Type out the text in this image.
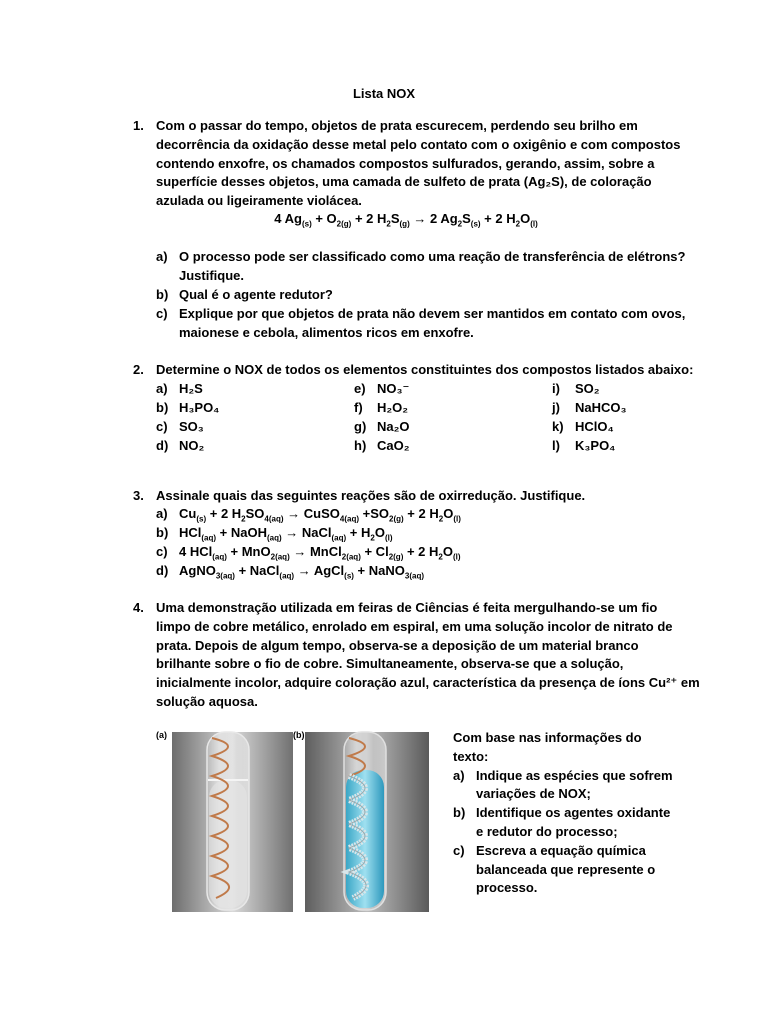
Lista NOX
1. Com o passar do tempo, objetos de prata escurecem, perdendo seu brilho em
decorrência da oxidação desse metal pelo contato com o oxigênio e com compostos
contendo enxofre, os chamados compostos sulfurados, gerando, assim, sobre a
superfície desses objetos, uma camada de sulfeto de prata (Ag₂S), de coloração
azulada ou ligeiramente violácea.
4 $Ag_{(s)} + O_{2(g)} + 2$ $H_2S_{(g)} \to 2$ $Ag_2S_{(s)} + 2$ $H_2O_{(l)}$
a) O processo pode ser classificado como uma reação de transferência de elétrons?
Justifique.
b) Qual é o agente redutor?
c) Explique por que objetos de prata não devem ser mantidos em contato com ovos,
maionese e cebola, alimentos ricos em enxofre.
2. Determine o NOX de todos os elementos constituintes dos compostos listados abaixo:
a) H₂S
b) H₃PO₄
c) SO₃
d) NO₂
e) NO₃⁻
f) H₂O₂
g) Na₂O
h) CaO₂
i) SO₂
j) NaHCO₃
k) HClO₄
l) K₃PO₄
3. Assinale quais das seguintes reações são de oxirredução. Justifique.
a) $Cu_{(s)} + 2$ $H_2SO_{4(aq)}$ → CuSO$_{4(aq)}$ $+SO_{2(g)} + 2$ $H_2O_{(l)}$
b) HCl$_{(aq)}$ + NaOH$_{(aq)}$ → NaCl$_{(aq)}$ + $H_2O_{(l)}$
c) 4 HCl$_{(aq)}$ + MnO$_{2(aq)}$ → MnCl$_{2(aq)}$ + $Cl_{2(g)} + 2$ $H_2O_{(l)}$
d) AgNO$_{3(aq)}$ + NaCl$_{(aq)}$ → AgCl$_{(s)}$ + NaNO$_{3(aq)}$
4. Uma demonstração utilizada em feiras de Ciências é feita mergulhando-se um fio
limpo de cobre metálico, enrolado em espiral, em uma solução incolor de nitrato de
prata. Depois de algum tempo, observa-se a deposição de um material branco
brilhante sobre o fio de cobre. Simultaneamente, observa-se que a solução,
inicialmente incolor, adquire coloração azul, característica da presença de íons Cu²⁺ em
solução aquosa.
(a)	(b)	Com base nas informações do
texto:
a) Indique as espécies que sofrem
variações de NOX;
b) Identifique os agentes oxidante
e redutor do processo;
c) Escreva a equação química
balanceada que represente o
processo.
